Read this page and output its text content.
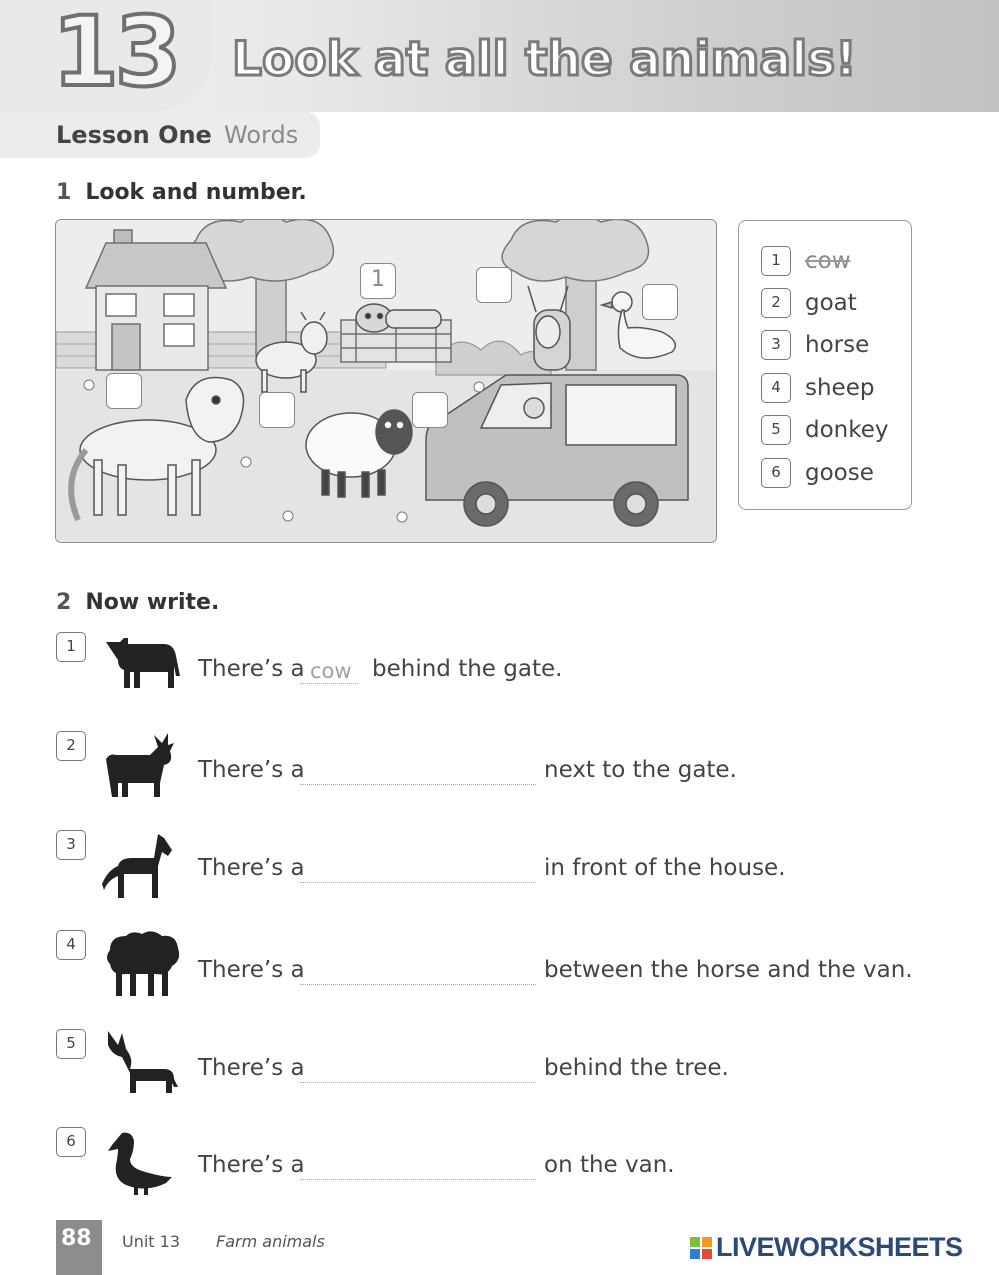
13 Look at all the animals!
Lesson One Words
1 Look and number.
1
1	cow
2	goat
3	horse
4	sheep
5	donkey
6	goose
2 Now write.
1
There’s a cow behind the gate.
2
There’s a	next to the gate.
3
There’s a	in front of the house.
4
There’s a	between the horse and the van.
5
There’s a	behind the tree.
6
There’s a	on the van.
88 Unit 13 Farm animals	LIVEWORKSHEETS
